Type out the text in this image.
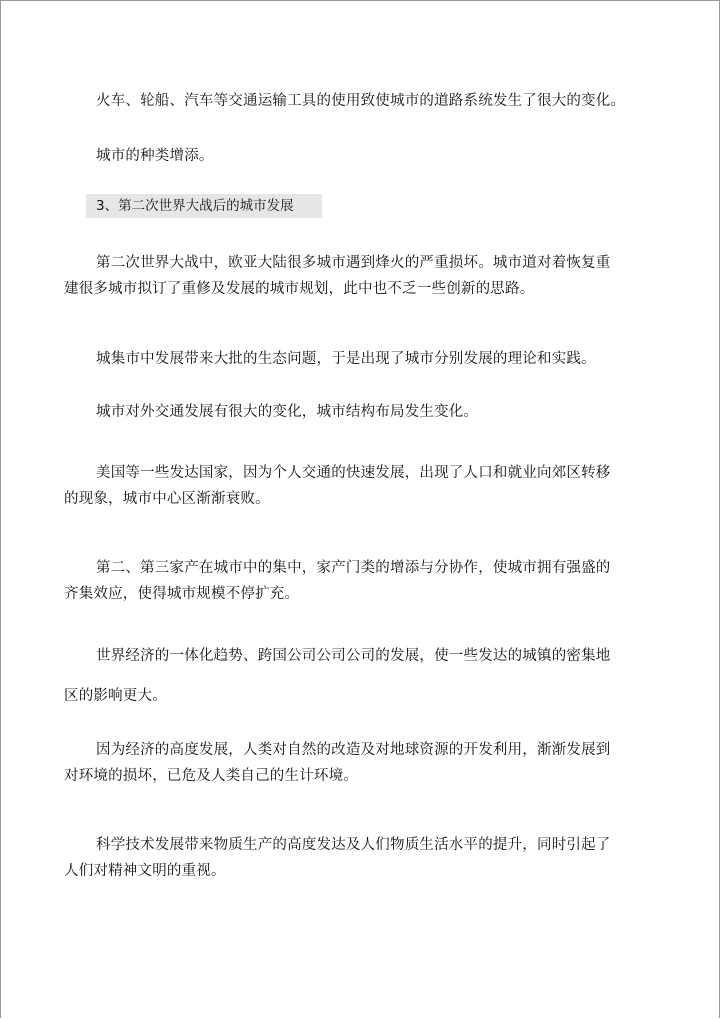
火车、轮船、汽车等交通运输工具的使用致使城市的道路系统发生了很大的变化。

城市的种类增添。

3、第二次世界大战后的城市发展

第二次世界大战中，欧亚大陆很多城市遇到烽火的严重损坏。城市道对着恢复重
建很多城市拟订了重修及发展的城市规划，此中也不乏一些创新的思路。

城集市中发展带来大批的生态问题，于是出现了城市分别发展的理论和实践。

城市对外交通发展有很大的变化，城市结构布局发生变化。

美国等一些发达国家，因为个人交通的快速发展，出现了人口和就业向郊区转移
的现象，城市中心区渐渐衰败。

第二、第三家产在城市中的集中，家产门类的增添与分协作，使城市拥有强盛的
齐集效应，使得城市规模不停扩充。

世界经济的一体化趋势、跨国公司公司公司的发展，使一些发达的城镇的密集地
区的影响更大。

因为经济的高度发展，人类对自然的改造及对地球资源的开发利用，渐渐发展到
对环境的损坏，已危及人类自己的生计环境。

科学技术发展带来物质生产的高度发达及人们物质生活水平的提升，同时引起了
人们对精神文明的重视。
